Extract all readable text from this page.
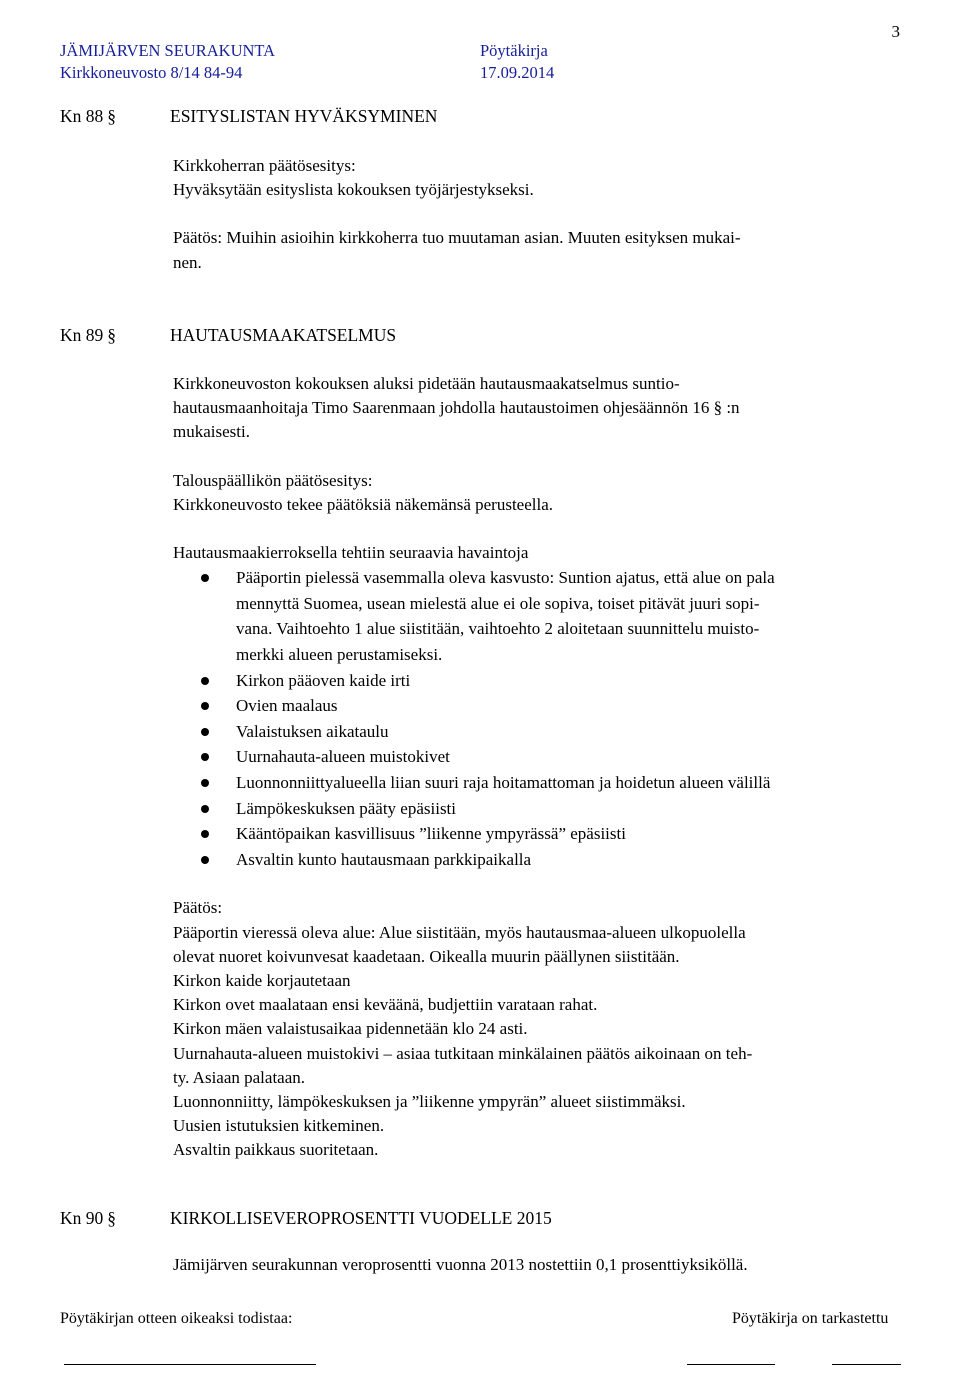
JÄMIJÄRVEN SEURAKUNTA
Kirkkoneuvosto 8/14 84-94
Pöytäkirja
17.09.2014
3
Kn 88 §	ESITYSLISTAN HYVÄKSYMINEN

Kirkkoherran päätösesitys:

Hyväksytään esityslista kokouksen työjärjestykseksi.

Päätös: Muihin asioihin kirkkoherra tuo muutaman asian. Muuten esityksen mukai-

nen.

Kn 89 §	HAUTAUSMAAKATSELMUS

Kirkkoneuvoston kokouksen aluksi pidetään hautausmaakatselmus suntio-

hautausmaanhoitaja Timo Saarenmaan johdolla hautaustoimen ohjesäännön 16 § :n

mukaisesti.

Talouspäällikön päätösesitys:

Kirkkoneuvosto tekee päätöksiä näkemänsä perusteella.

Hautausmaakierroksella tehtiin seuraavia havaintoja

Pääportin pielessä vasemmalla oleva kasvusto: Suntion ajatus, että alue on pala
mennyttä Suomea, usean mielestä alue ei ole sopiva, toiset pitävät juuri sopi-
vana. Vaihtoehto 1 alue siistitään, vaihtoehto 2 aloitetaan suunnittelu muisto-
merkki alueen perustamiseksi.
Kirkon pääoven kaide irti
Ovien maalaus
Valaistuksen aikataulu
Uurnahauta-alueen muistokivet
Luonnonniittyalueella liian suuri raja hoitamattoman ja hoidetun alueen välillä
Lämpökeskuksen pääty epäsiisti
Kääntöpaikan kasvillisuus ”liikenne ympyrässä” epäsiisti
Asvaltin kunto hautausmaan parkkipaikalla

Päätös:

Pääportin vieressä oleva alue: Alue siistitään, myös hautausmaa-alueen ulkopuolella

olevat nuoret koivunvesat kaadetaan. Oikealla muurin päällynen siistitään.

Kirkon kaide korjautetaan

Kirkon ovet maalataan ensi keväänä, budjettiin varataan rahat.

Kirkon mäen valaistusaikaa pidennetään klo 24 asti.

Uurnahauta-alueen muistokivi – asiaa tutkitaan minkälainen päätös aikoinaan on teh-

ty. Asiaan palataan.

Luonnonniitty, lämpökeskuksen ja ”liikenne ympyrän” alueet siistimmäksi.

Uusien istutuksien kitkeminen.

Asvaltin paikkaus suoritetaan.

Kn 90 §	KIRKOLLISEVEROPROSENTTI VUODELLE 2015

Jämijärven seurakunnan veroprosentti vuonna 2013 nostettiin 0,1 prosenttiyksiköllä.

Pöytäkirjan otteen oikeaksi todistaa:	Pöytäkirja on tarkastettu
